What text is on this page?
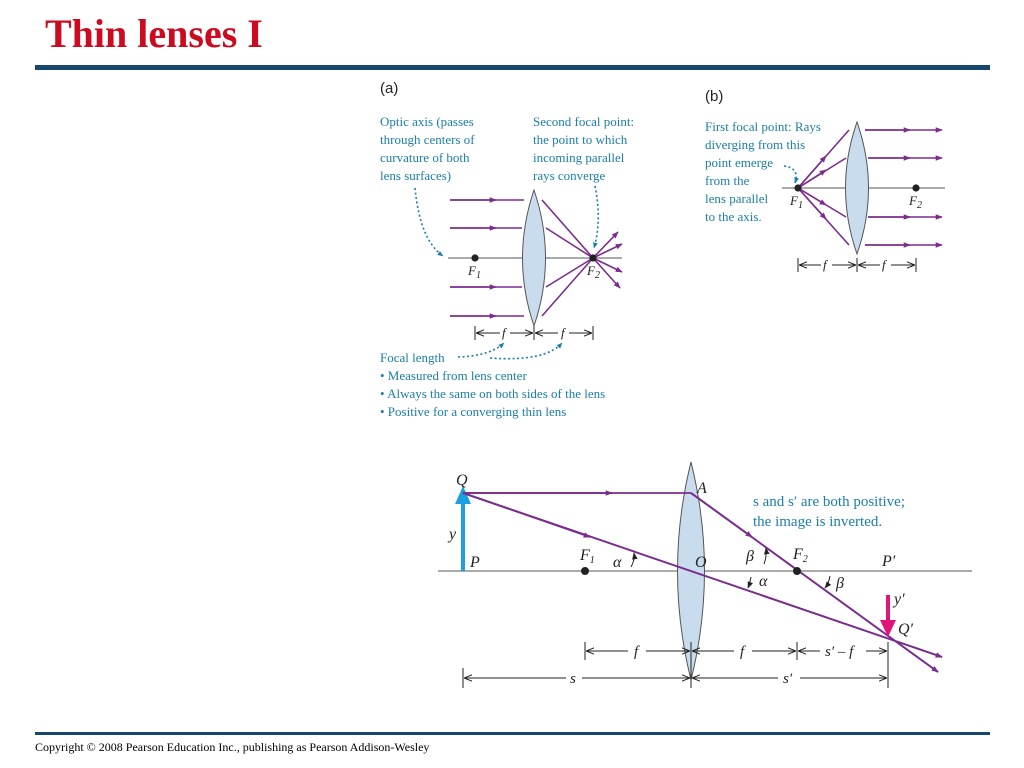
Thin lenses I
(a)
Optic axis (passes through centers of curvature of both lens surfaces)
Second focal point: the point to which incoming parallel rays converge
$F_1$	$F_2$
f	f
Focal length • Measured from lens center • Always the same on both sides of the lens • Positive for a converging thin lens
(b)
First focal point: Rays diverging from this point emerge from the lens parallel to the axis.
$F_1$	$F_2$
f	f
Q	A
y
P	F1 α	O β F2
α	β
P′
y′
Q′
s and s′ are both positive; the image is inverted.
f	f	s′ – f
s	s′
Copyright © 2008 Pearson Education Inc., publishing as Pearson Addison-Wesley
